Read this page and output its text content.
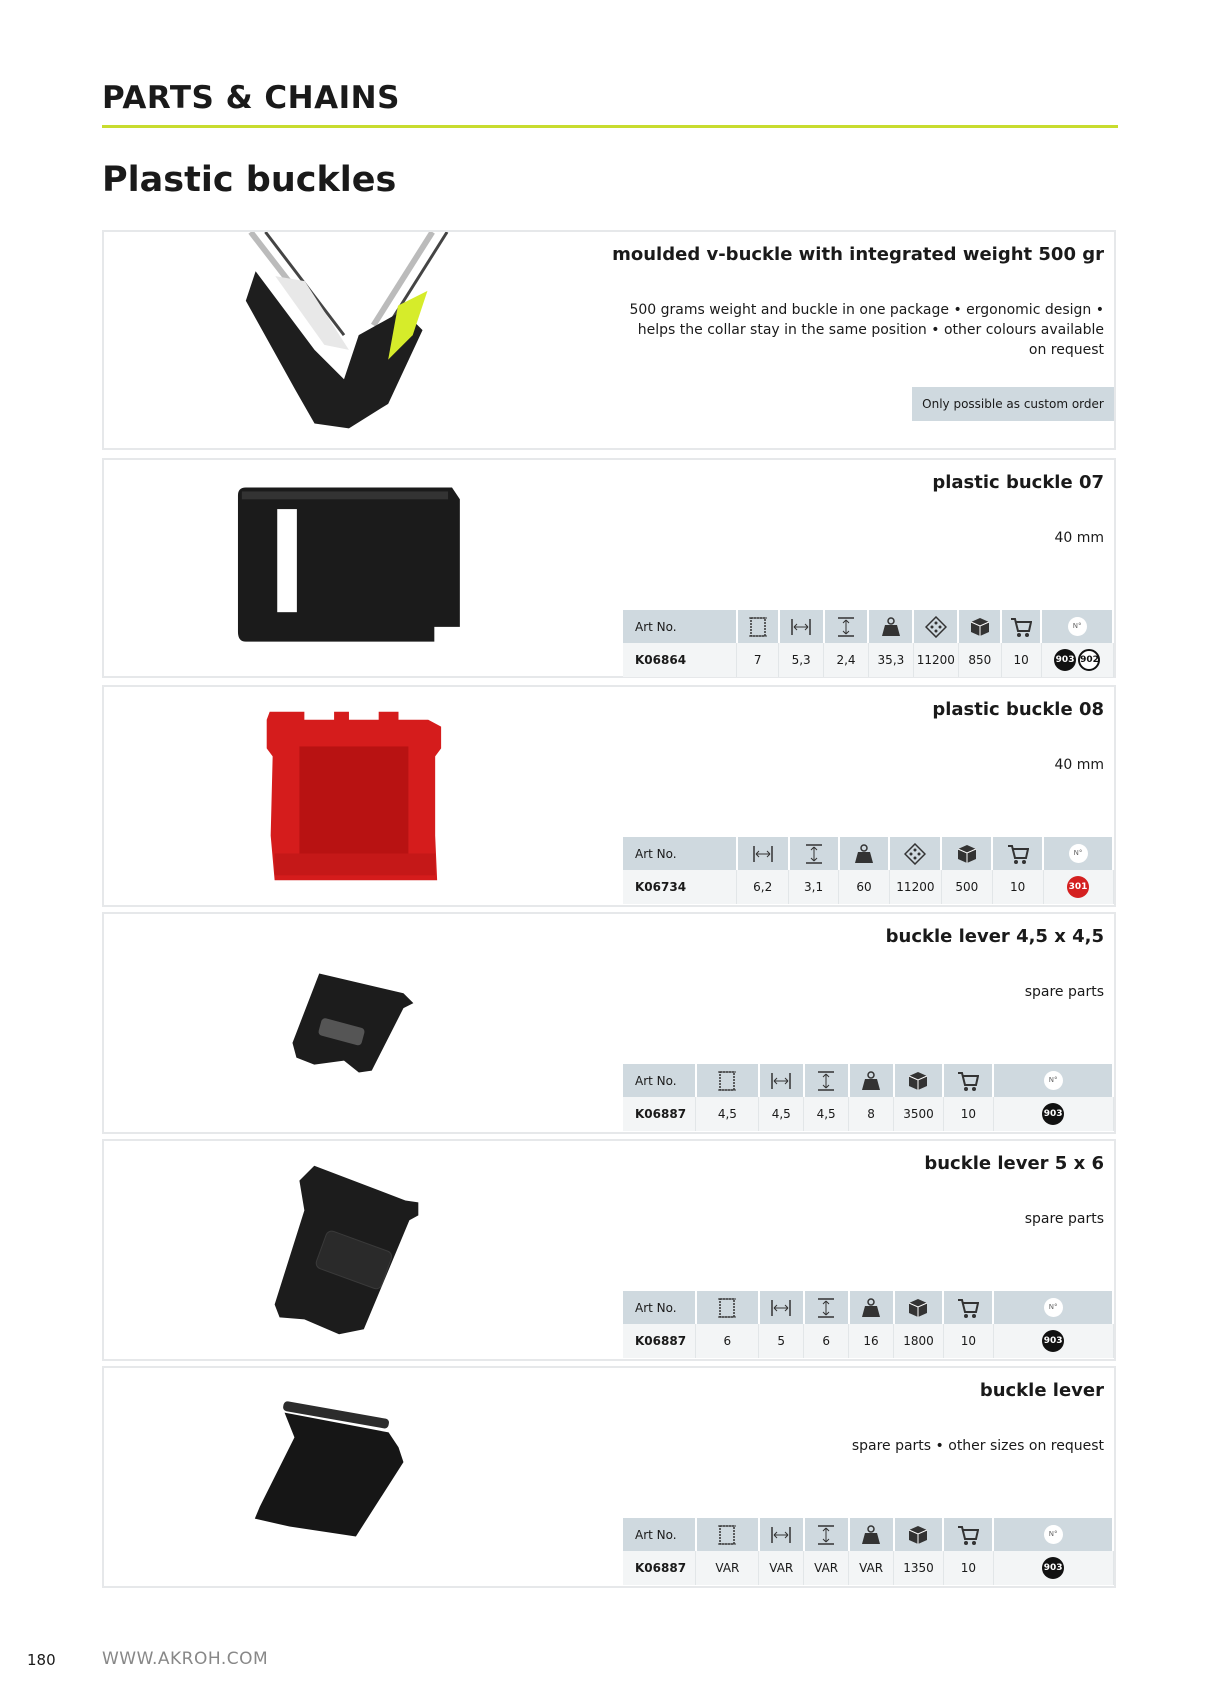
PARTS & CHAINS
Plastic buckles
moulded v-buckle with integrated weight 500 gr
500 grams weight and buckle in one package • ergonomic design • helps the collar stay in the same position • other colours available on request
Only possible as custom order
plastic buckle 07
40 mm
Art No.								N°
K06864	7	5,3	2,4	35,3	11200	850	10	903 902
plastic buckle 08
40 mm
Art No.							N°
K06734	6,2	3,1	60	11200	500	10	301
buckle lever 4,5 x 4,5
spare parts
Art No.							N°
K06887	4,5	4,5	4,5	8	3500	10	903
buckle lever 5 x 6
spare parts
Art No.							N°
K06887	6	5	6	16	1800	10	903
buckle lever
spare parts • other sizes on request
Art No.							N°
K06887	VAR	VAR	VAR	VAR	1350	10	903
180	WWW.AKROH.COM
